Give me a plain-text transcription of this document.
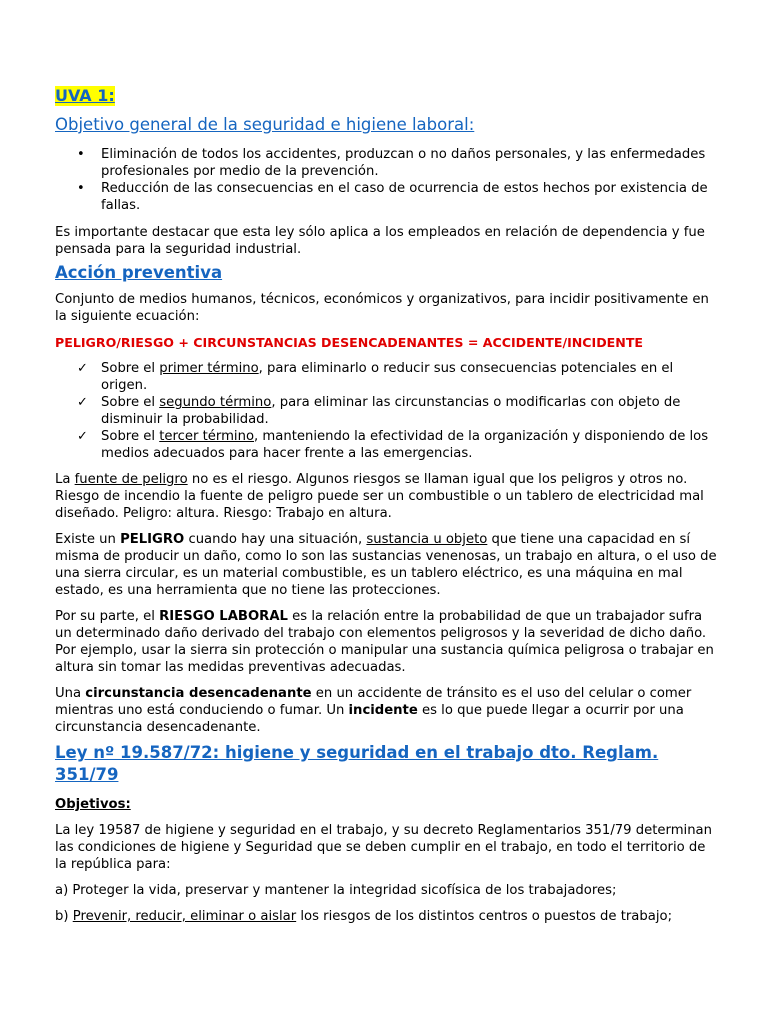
UVA 1:
Objetivo general de la seguridad e higiene laboral:
• Eliminación de todos los accidentes, produzcan o no daños personales, y las enfermedades profesionales por medio de la prevención.
• Reducción de las consecuencias en el caso de ocurrencia de estos hechos por existencia de fallas.

Es importante destacar que esta ley sólo aplica a los empleados en relación de dependencia y fue pensada para la seguridad industrial.

Acción preventiva

Conjunto de medios humanos, técnicos, económicos y organizativos, para incidir positivamente en la siguiente ecuación:

PELIGRO/RIESGO + CIRCUNSTANCIAS DESENCADENANTES = ACCIDENTE/INCIDENTE

✓ Sobre el primer término, para eliminarlo o reducir sus consecuencias potenciales en el origen.
✓ Sobre el segundo término, para eliminar las circunstancias o modificarlas con objeto de disminuir la probabilidad.
✓ Sobre el tercer término, manteniendo la efectividad de la organización y disponiendo de los medios adecuados para hacer frente a las emergencias.

La fuente de peligro no es el riesgo. Algunos riesgos se llaman igual que los peligros y otros no. Riesgo de incendio la fuente de peligro puede ser un combustible o un tablero de electricidad mal diseñado. Peligro: altura. Riesgo: Trabajo en altura.

Existe un PELIGRO cuando hay una situación, sustancia u objeto que tiene una capacidad en sí misma de producir un daño, como lo son las sustancias venenosas, un trabajo en altura, o el uso de una sierra circular, es un material combustible, es un tablero eléctrico, es una máquina en mal estado, es una herramienta que no tiene las protecciones.

Por su parte, el RIESGO LABORAL es la relación entre la probabilidad de que un trabajador sufra un determinado daño derivado del trabajo con elementos peligrosos y la severidad de dicho daño. Por ejemplo, usar la sierra sin protección o manipular una sustancia química peligrosa o trabajar en altura sin tomar las medidas preventivas adecuadas.

Una circunstancia desencadenante en un accidente de tránsito es el uso del celular o comer mientras uno está conduciendo o fumar. Un incidente es lo que puede llegar a ocurrir por una circunstancia desencadenante.

Ley nº 19.587/72: higiene y seguridad en el trabajo dto. Reglam. 351/79

Objetivos:

La ley 19587 de higiene y seguridad en el trabajo, y su decreto Reglamentarios 351/79 determinan las condiciones de higiene y Seguridad que se deben cumplir en el trabajo, en todo el territorio de la república para:

a) Proteger la vida, preservar y mantener la integridad sicofísica de los trabajadores;

b) Prevenir, reducir, eliminar o aislar los riesgos de los distintos centros o puestos de trabajo;
